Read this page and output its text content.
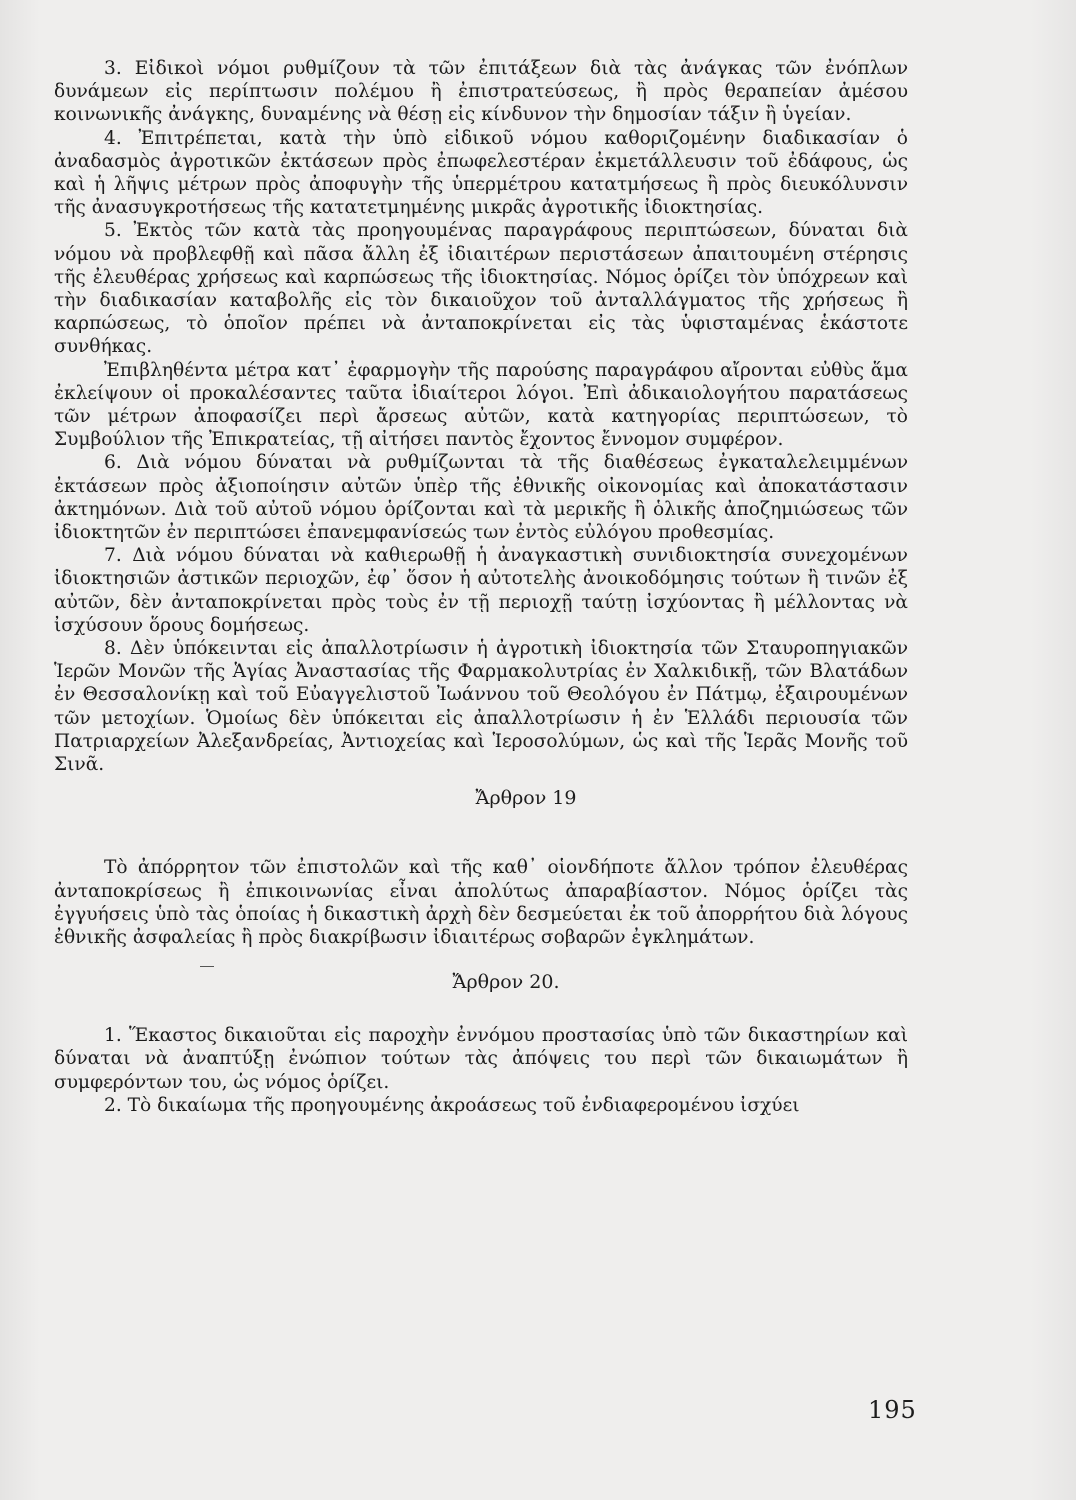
3. Εἰδικοὶ νόμοι ρυθμίζουν τὰ τῶν ἐπιτάξεων διὰ τὰς ἀνάγκας τῶν ἐνόπλων δυνάμεων εἰς περίπτωσιν πολέμου ἢ ἐπιστρατεύσεως, ἢ πρὸς θεραπείαν ἀμέσου κοινωνικῆς ἀνάγκης, δυναμένης νὰ θέσῃ εἰς κίνδυνον τὴν δημοσίαν τάξιν ἢ ὑγείαν.

4. Ἐπιτρέπεται, κατὰ τὴν ὑπὸ εἰδικοῦ νόμου καθοριζομένην διαδικασίαν ὁ ἀναδασμὸς ἀγροτικῶν ἐκτάσεων πρὸς ἐπωφελεστέραν ἐκμετάλλευσιν τοῦ ἐδάφους, ὡς καὶ ἡ λῆψις μέτρων πρὸς ἀποφυγὴν τῆς ὑπερμέτρου κατατμήσεως ἢ πρὸς διευκόλυνσιν τῆς ἀνασυγκροτήσεως τῆς κατατετμημένης μικρᾶς ἀγροτικῆς ἰδιοκτησίας.

5. Ἐκτὸς τῶν κατὰ τὰς προηγουμένας παραγράφους περιπτώσεων, δύναται διὰ νόμου νὰ προβλεφθῇ καὶ πᾶσα ἄλλη ἐξ ἰδιαιτέρων περιστάσεων ἀπαιτουμένη στέρησις τῆς ἐλευθέρας χρήσεως καὶ καρπώσεως τῆς ἰδιοκτησίας. Νόμος ὁρίζει τὸν ὑπόχρεων καὶ τὴν διαδικασίαν καταβολῆς εἰς τὸν δικαιοῦχον τοῦ ἀνταλλάγματος τῆς χρήσεως ἢ καρπώσεως, τὸ ὁποῖον πρέπει νὰ ἀνταποκρίνεται εἰς τὰς ὑφισταμένας ἑκάστοτε συνθήκας.

Ἐπιβληθέντα μέτρα κατ᾽ ἐφαρμογὴν τῆς παρούσης παραγράφου αἴρονται εὐθὺς ἅμα ἐκλείψουν οἱ προκαλέσαντες ταῦτα ἰδιαίτεροι λόγοι. Ἐπὶ ἀδικαιολογήτου παρατάσεως τῶν μέτρων ἀποφασίζει περὶ ἄρσεως αὐτῶν, κατὰ κατηγορίας περιπτώσεων, τὸ Συμβούλιον τῆς Ἐπικρατείας, τῇ αἰτήσει παντὸς ἔχοντος ἔννομον συμφέρον.

6. Διὰ νόμου δύναται νὰ ρυθμίζωνται τὰ τῆς διαθέσεως ἐγκαταλελειμμένων ἐκτάσεων πρὸς ἀξιοποίησιν αὐτῶν ὑπὲρ τῆς ἐθνικῆς οἰκονομίας καὶ ἀποκατάστασιν ἀκτημόνων. Διὰ τοῦ αὐτοῦ νόμου ὁρίζονται καὶ τὰ μερικῆς ἢ ὁλικῆς ἀποζημιώσεως τῶν ἰδιοκτητῶν ἐν περιπτώσει ἐπανεμφανίσεώς των ἐντὸς εὐλόγου προθεσμίας.

7. Διὰ νόμου δύναται νὰ καθιερωθῇ ἡ ἀναγκαστικὴ συνιδιοκτησία συνεχομένων ἰδιοκτησιῶν ἀστικῶν περιοχῶν, ἐφ᾽ ὅσον ἡ αὐτοτελὴς ἀνοικοδόμησις τούτων ἢ τινῶν ἐξ αὐτῶν, δὲν ἀνταποκρίνεται πρὸς τοὺς ἐν τῇ περιοχῇ ταύτῃ ἰσχύοντας ἢ μέλλοντας νὰ ἰσχύσουν ὅρους δομήσεως.

8. Δὲν ὑπόκεινται εἰς ἀπαλλοτρίωσιν ἡ ἀγροτικὴ ἰδιοκτησία τῶν Σταυροπηγιακῶν Ἱερῶν Μονῶν τῆς Ἁγίας Ἀναστασίας τῆς Φαρμακολυτρίας ἐν Χαλκιδικῇ, τῶν Βλατάδων ἐν Θεσσαλονίκῃ καὶ τοῦ Εὐαγγελιστοῦ Ἰωάννου τοῦ Θεολόγου ἐν Πάτμῳ, ἐξαιρουμένων τῶν μετοχίων. Ὁμοίως δὲν ὑπόκειται εἰς ἀπαλλοτρίωσιν ἡ ἐν Ἑλλάδι περιουσία τῶν Πατριαρχείων Ἀλεξανδρείας, Ἀντιοχείας καὶ Ἱεροσολύμων, ὡς καὶ τῆς Ἱερᾶς Μονῆς τοῦ Σινᾶ.

Ἄρθρον 19

Τὸ ἀπόρρητον τῶν ἐπιστολῶν καὶ τῆς καθ᾽ οἱονδήποτε ἄλλον τρόπον ἐλευθέρας ἀνταποκρίσεως ἢ ἐπικοινωνίας εἶναι ἀπολύτως ἀπαραβίαστον. Νόμος ὁρίζει τὰς ἐγγυήσεις ὑπὸ τὰς ὁποίας ἡ δικαστικὴ ἀρχὴ δὲν δεσμεύεται ἐκ τοῦ ἀπορρήτου διὰ λόγους ἐθνικῆς ἀσφαλείας ἢ πρὸς διακρίβωσιν ἰδιαιτέρως σοβαρῶν ἐγκλημάτων.

Ἄρθρον 20.

1. Ἕκαστος δικαιοῦται εἰς παροχὴν ἐννόμου προστασίας ὑπὸ τῶν δικαστηρίων καὶ δύναται νὰ ἀναπτύξῃ ἐνώπιον τούτων τὰς ἀπόψεις του περὶ τῶν δικαιωμάτων ἢ συμφερόντων του, ὡς νόμος ὁρίζει.

2. Τὸ δικαίωμα τῆς προηγουμένης ἀκροάσεως τοῦ ἐνδιαφερομένου ἰσχύει

195
